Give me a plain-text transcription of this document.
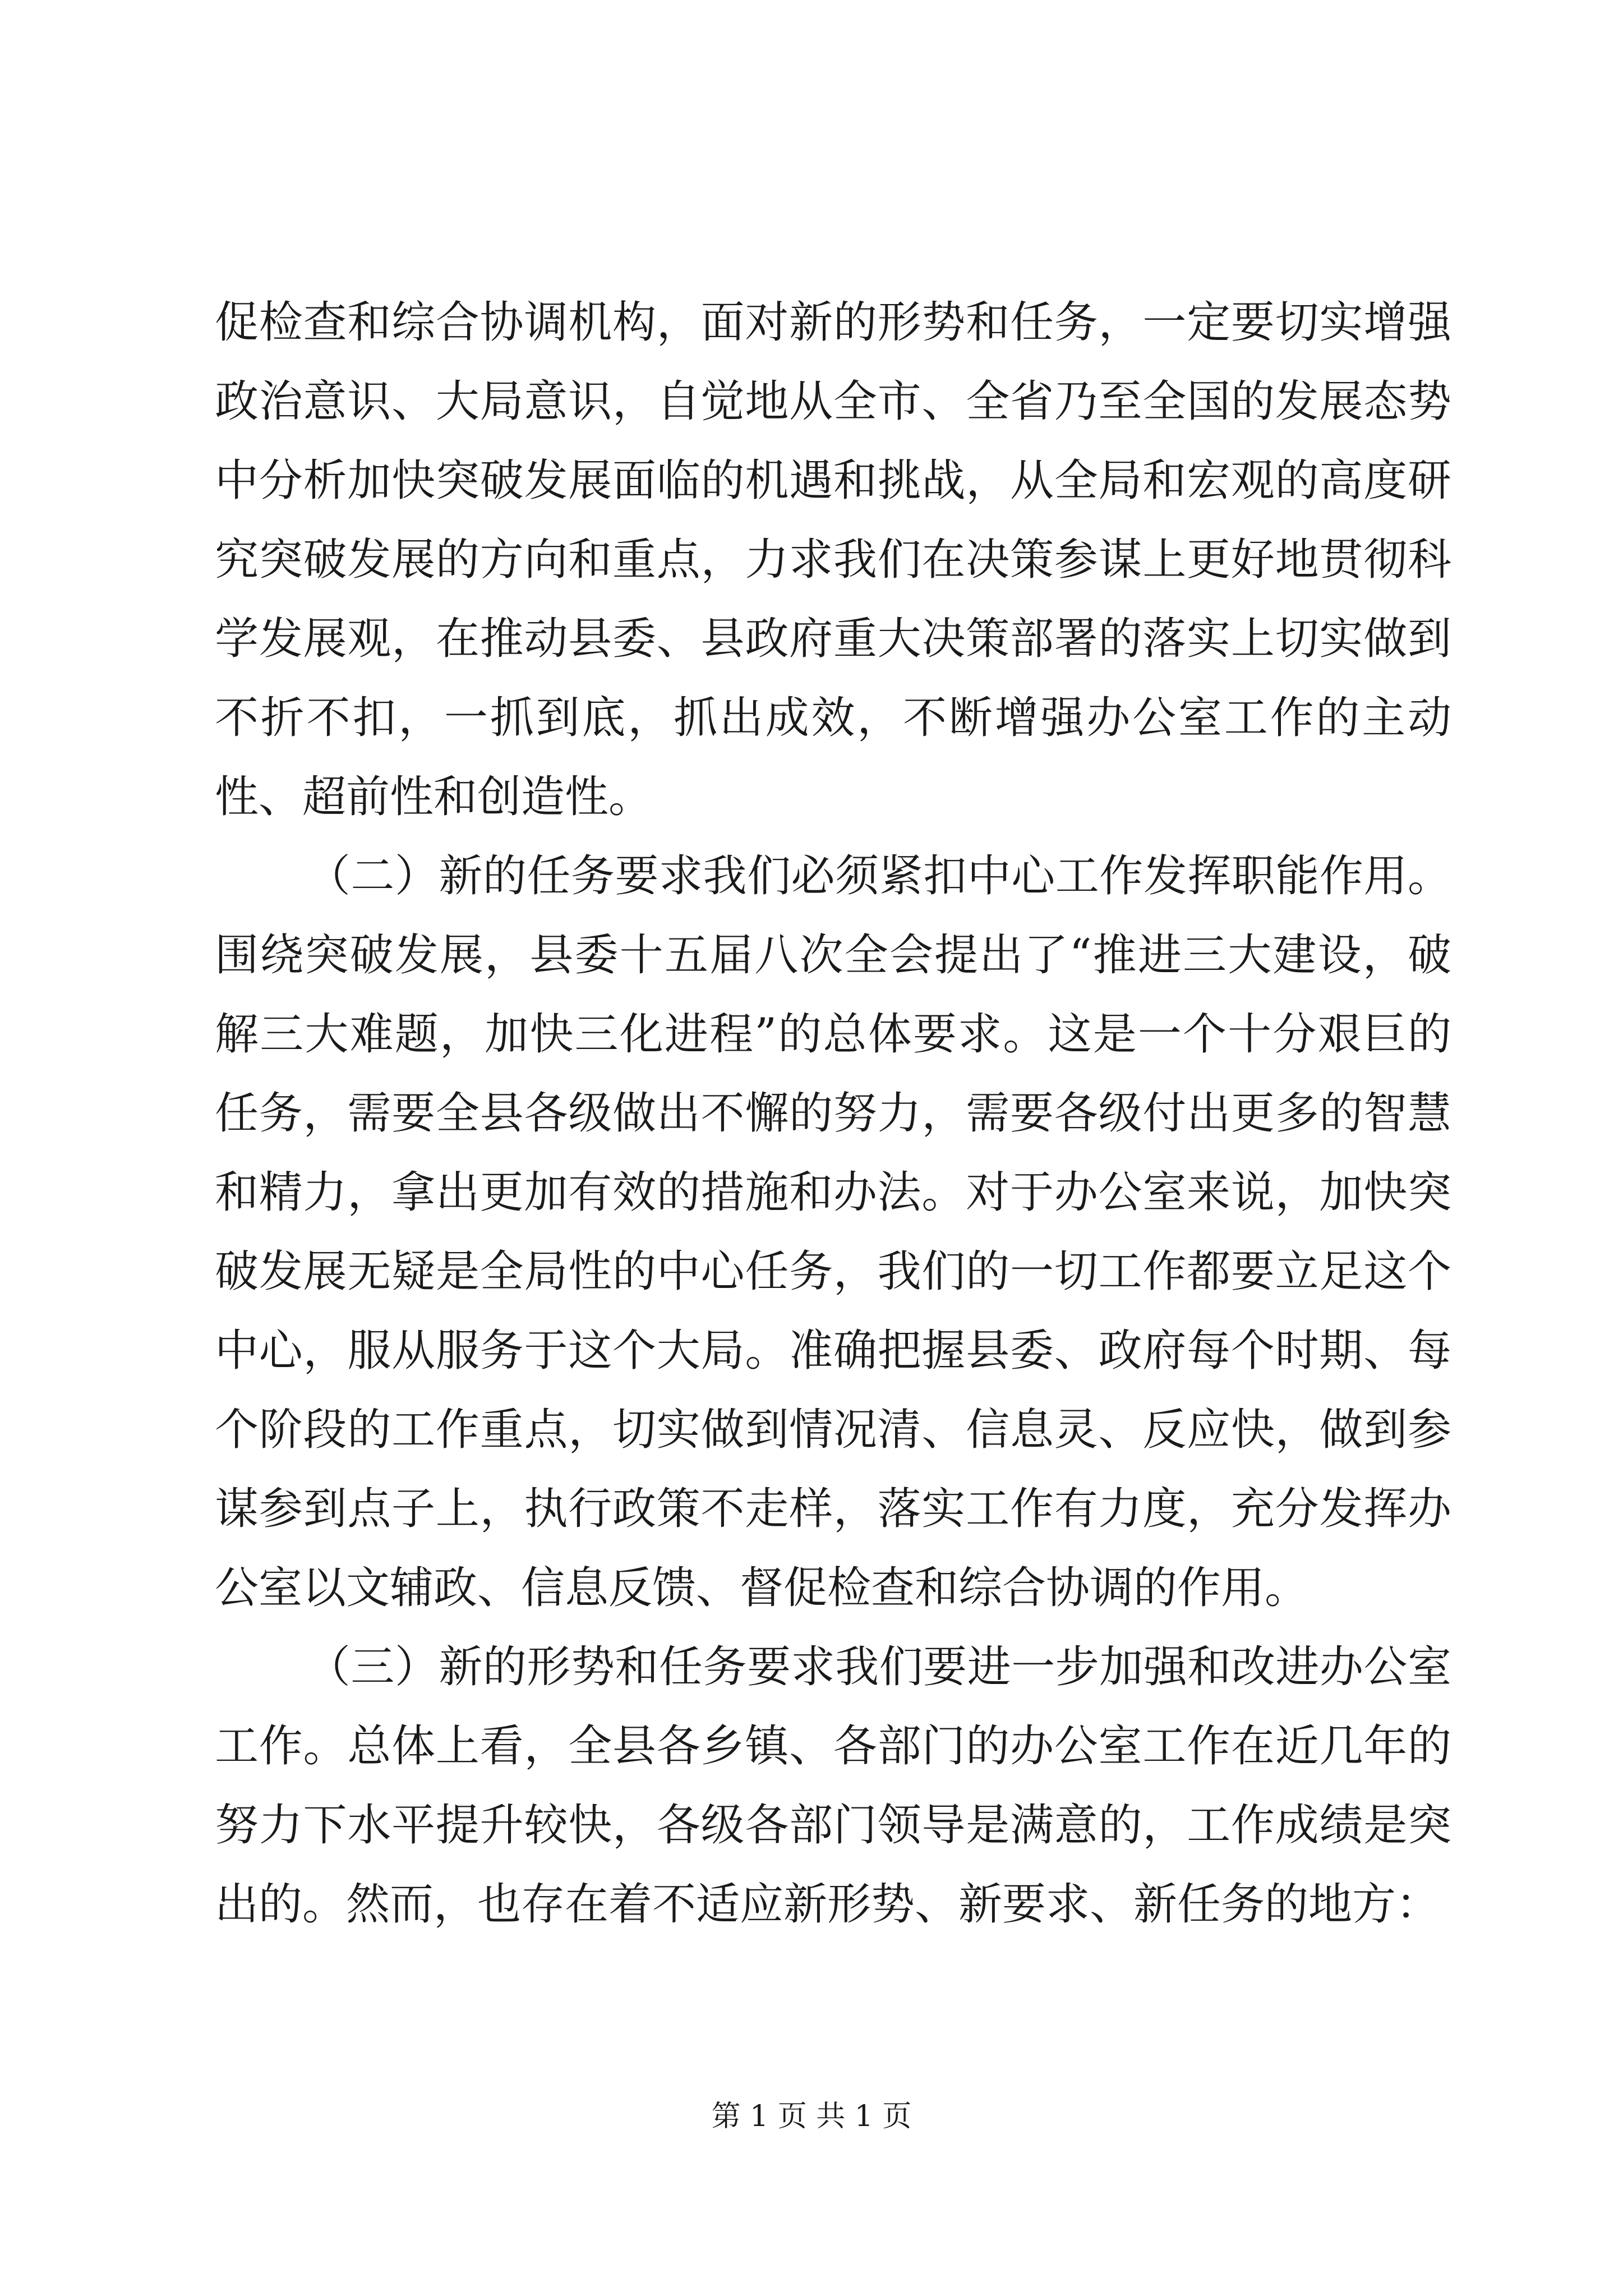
促检查和综合协调机构，面对新的形势和任务，一定要切实增强政治意识、大局意识，自觉地从全市、全省乃至全国的发展态势中分析加快突破发展面临的机遇和挑战，从全局和宏观的高度研究突破发展的方向和重点，力求我们在决策参谋上更好地贯彻科学发展观，在推动县委、县政府重大决策部署的落实上切实做到不折不扣，一抓到底，抓出成效，不断增强办公室工作的主动性、超前性和创造性。

（二）新的任务要求我们必须紧扣中心工作发挥职能作用。围绕突破发展，县委十五届八次全会提出了“推进三大建设，破解三大难题，加快三化进程”的总体要求。这是一个十分艰巨的任务，需要全县各级做出不懈的努力，需要各级付出更多的智慧和精力，拿出更加有效的措施和办法。对于办公室来说，加快突破发展无疑是全局性的中心任务，我们的一切工作都要立足这个中心，服从服务于这个大局。准确把握县委、政府每个时期、每个阶段的工作重点，切实做到情况清、信息灵、反应快，做到参谋参到点子上，执行政策不走样，落实工作有力度，充分发挥办公室以文辅政、信息反馈、督促检查和综合协调的作用。

（三）新的形势和任务要求我们要进一步加强和改进办公室工作。总体上看，全县各乡镇、各部门的办公室工作在近几年的努力下水平提升较快，各级各部门领导是满意的，工作成绩是突出的。然而，也存在着不适应新形势、新要求、新任务的地方：

第 1 页 共 1 页
